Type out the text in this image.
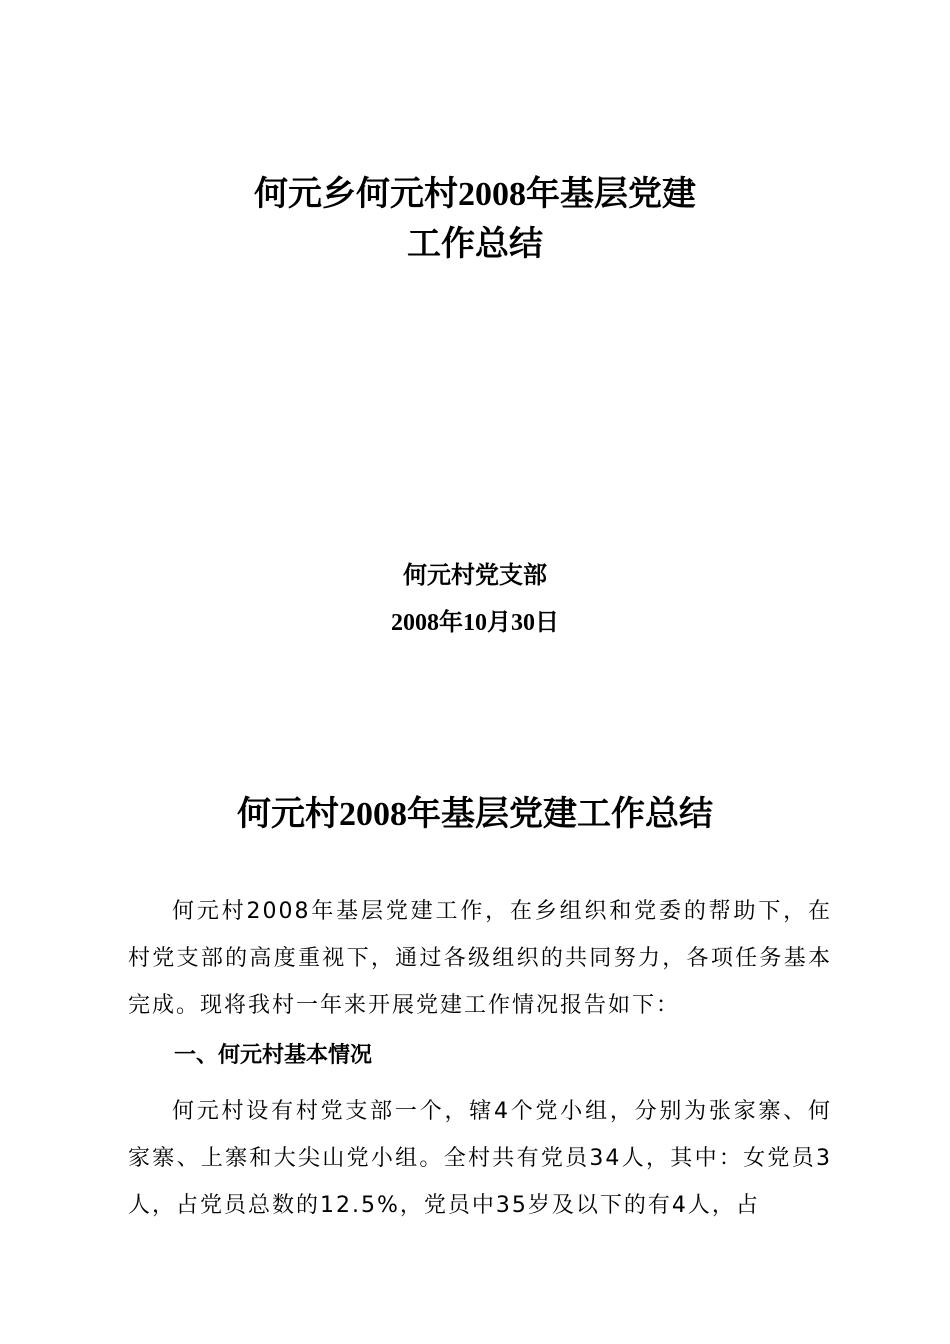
何元乡何元村2008年基层党建
工作总结
何元村党支部
2008年10月30日
何元村2008年基层党建工作总结

何元村2008年基层党建工作，在乡组织和党委的帮助下，在村党支部的高度重视下，通过各级组织的共同努力，各项任务基本完成。现将我村一年来开展党建工作情况报告如下：

一、何元村基本情况

何元村设有村党支部一个，辖4个党小组，分别为张家寨、何家寨、上寨和大尖山党小组。全村共有党员34人，其中：女党员3人，占党员总数的12.5%，党员中35岁及以下的有4人，占
